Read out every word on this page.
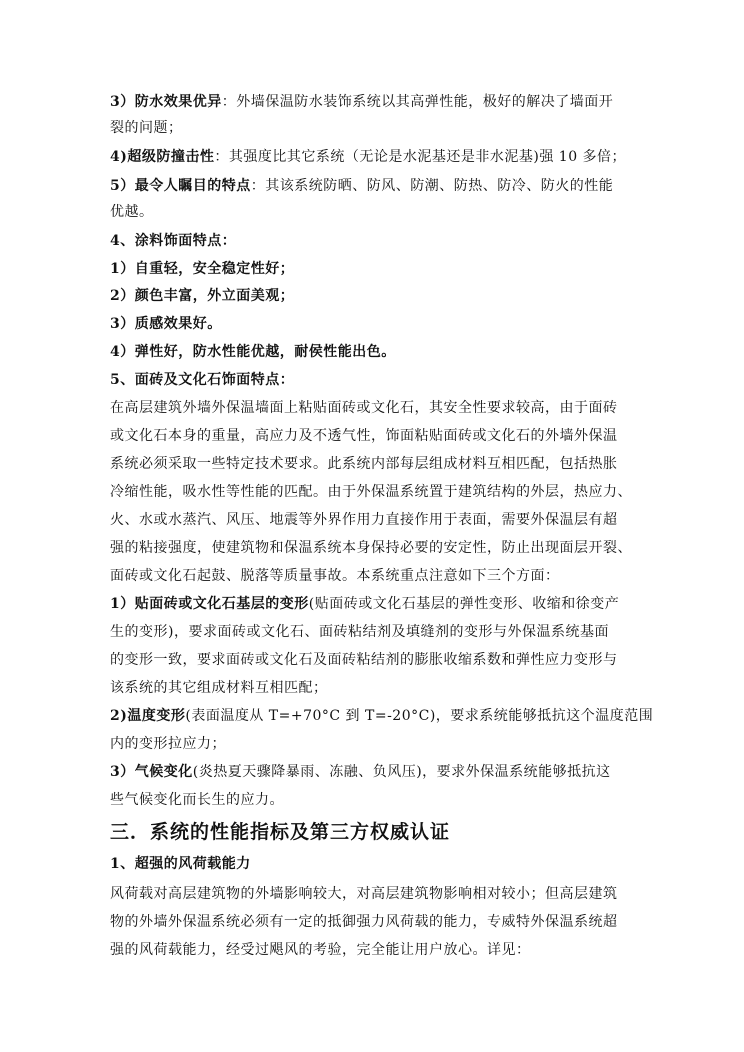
3）防水效果优异：外墙保温防水装饰系统以其高弹性能，极好的解决了墙面开
裂的问题；
4)超级防撞击性：其强度比其它系统（无论是水泥基还是非水泥基)强 10 多倍；
5）最令人瞩目的特点：其该系统防晒、防风、防潮、防热、防冷、防火的性能
优越。
4、涂料饰面特点：
1）自重轻，安全稳定性好；
2）颜色丰富，外立面美观；
3）质感效果好。
4）弹性好，防水性能优越，耐侯性能出色。
5、面砖及文化石饰面特点：
在高层建筑外墙外保温墙面上粘贴面砖或文化石，其安全性要求较高，由于面砖
或文化石本身的重量，高应力及不透气性，饰面粘贴面砖或文化石的外墙外保温
系统必须采取一些特定技术要求。此系统内部每层组成材料互相匹配，包括热胀
冷缩性能，吸水性等性能的匹配。由于外保温系统置于建筑结构的外层，热应力、
火、水或水蒸汽、风压、地震等外界作用力直接作用于表面，需要外保温层有超
强的粘接强度，使建筑物和保温系统本身保持必要的安定性，防止出现面层开裂、
面砖或文化石起鼓、脱落等质量事故。本系统重点注意如下三个方面：
1）贴面砖或文化石基层的变形(贴面砖或文化石基层的弹性变形、收缩和徐变产
生的变形)，要求面砖或文化石、面砖粘结剂及填缝剂的变形与外保温系统基面
的变形一致，要求面砖或文化石及面砖粘结剂的膨胀收缩系数和弹性应力变形与
该系统的其它组成材料互相匹配；
2)温度变形(表面温度从 T=+70°C 到 T=-20°C)，要求系统能够抵抗这个温度范围
内的变形拉应力；
3）气候变化(炎热夏天骤降暴雨、冻融、负风压)，要求外保温系统能够抵抗这
些气候变化而长生的应力。
三．系统的性能指标及第三方权威认证
1、超强的风荷载能力
风荷载对高层建筑物的外墙影响较大，对高层建筑物影响相对较小；但高层建筑
物的外墙外保温系统必须有一定的抵御强力风荷载的能力，专威特外保温系统超
强的风荷载能力，经受过飓风的考验，完全能让用户放心。详见：
